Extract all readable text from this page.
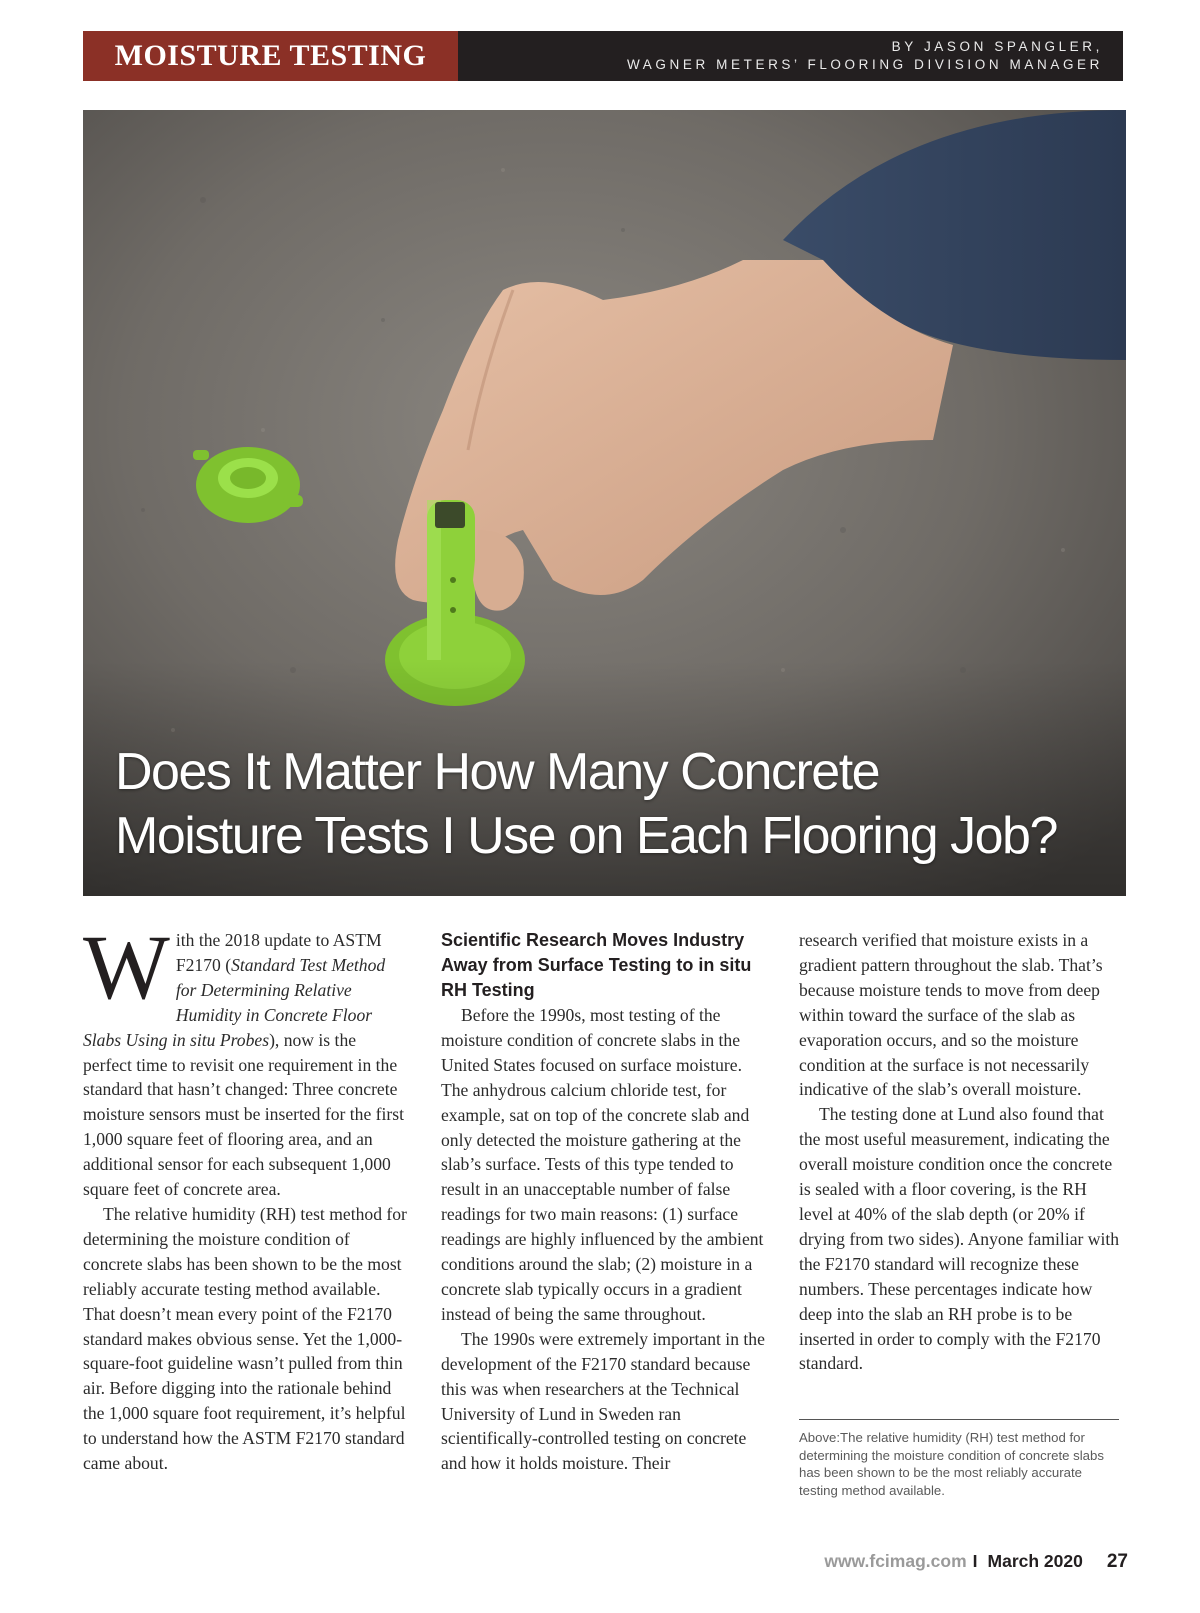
MOISTURE TESTING	BY JASON SPANGLER,
WAGNER METERS’ FLOORING DIVISION MANAGER
Does It Matter How Many Concrete
Moisture Tests I Use on Each Flooring Job?

With the 2018 update to ASTM F2170 (Standard Test Method for Determining Relative Humidity in Concrete Floor Slabs Using in situ Probes), now is the perfect time to revisit one requirement in the standard that hasn’t changed: Three concrete moisture sensors must be inserted for the first 1,000 square feet of flooring area, and an additional sensor for each subsequent 1,000 square feet of concrete area.

The relative humidity (RH) test method for determining the moisture condition of concrete slabs has been shown to be the most reliably accurate testing method available. That doesn’t mean every point of the F2170 standard makes obvious sense. Yet the 1,000-square-foot guideline wasn’t pulled from thin air. Before digging into the rationale behind the 1,000 square foot requirement, it’s helpful to understand how the ASTM F2170 standard came about.

Scientific Research Moves Industry Away from Surface Testing to in situ RH Testing

Before the 1990s, most testing of the moisture condition of concrete slabs in the United States focused on surface moisture. The anhydrous calcium chloride test, for example, sat on top of the concrete slab and only detected the moisture gathering at the slab’s surface. Tests of this type tended to result in an unacceptable number of false readings for two main reasons: (1) surface readings are highly influenced by the ambient conditions around the slab; (2) moisture in a concrete slab typically occurs in a gradient instead of being the same throughout.

The 1990s were extremely important in the development of the F2170 standard because this was when researchers at the Technical University of Lund in Sweden ran scientifically-controlled testing on concrete and how it holds moisture. Their

research verified that moisture exists in a gradient pattern throughout the slab. That’s because moisture tends to move from deep within toward the surface of the slab as evaporation occurs, and so the moisture condition at the surface is not necessarily indicative of the slab’s overall moisture.

The testing done at Lund also found that the most useful measurement, indicating the overall moisture condition once the concrete is sealed with a floor covering, is the RH level at 40% of the slab depth (or 20% if drying from two sides). Anyone familiar with the F2170 standard will recognize these numbers. These percentages indicate how deep into the slab an RH probe is to be inserted in order to comply with the F2170 standard.

Above:The relative humidity (RH) test method for determining the moisture condition of concrete slabs has been shown to be the most reliably accurate testing method available.

www.fcimag.com I March 2020 27
